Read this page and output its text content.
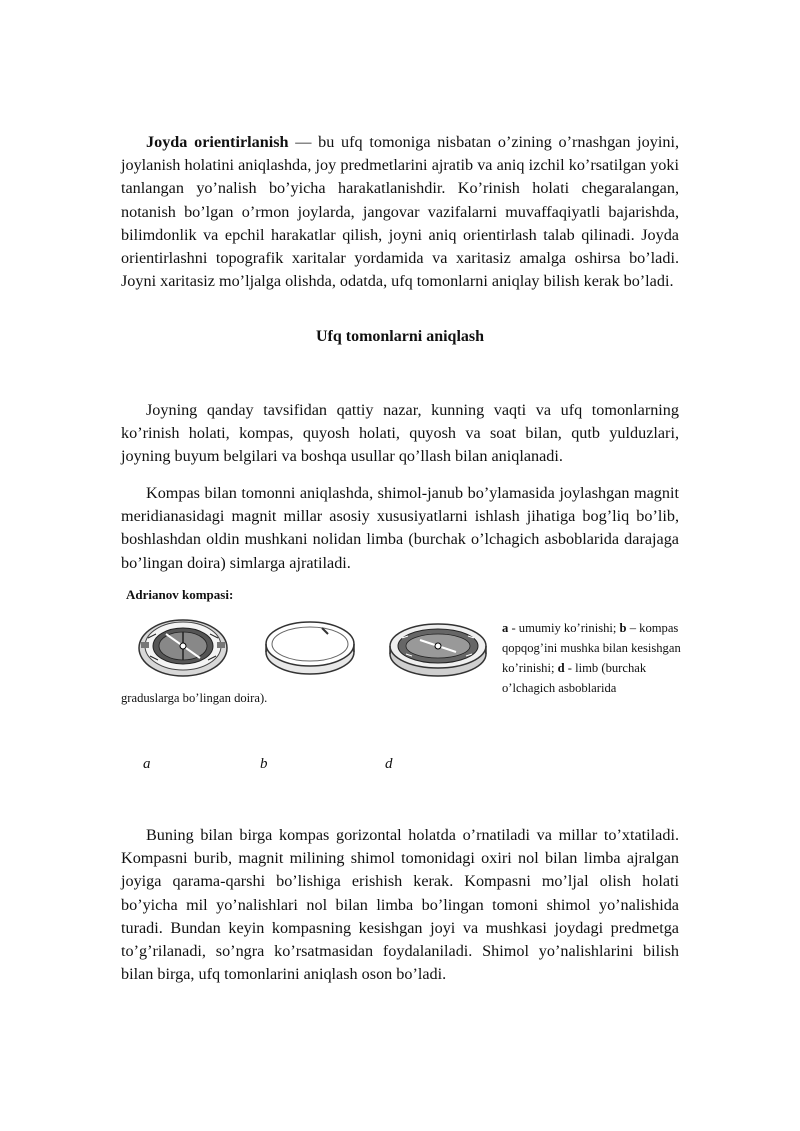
Joyda orientirlanish — bu ufq tomoniga nisbatan o’zining o’rnashgan joyini, joylanish holatini aniqlashda, joy predmetlarini ajratib va aniq izchil ko’rsatilgan yoki tanlangan yo’nalish bo’yicha harakatlanishdir. Ko’rinish holati chegaralangan, notanish bo’lgan o’rmon joylarda, jangovar vazifalarni muvaffaqiyatli bajarishda, bilimdonlik va epchil harakatlar qilish, joyni aniq orientirlash talab qilinadi. Joyda orientirlashni topografik xaritalar yordamida va xaritasiz amalga oshirsa bo’ladi. Joyni xaritasiz mo’ljalga olishda, odatda, ufq tomonlarni aniqlay bilish kerak bo’ladi.

Ufq tomonlarni aniqlash

Joyning qanday tavsifidan qattiy nazar, kunning vaqti va ufq tomonlarning ko’rinish holati, kompas, quyosh holati, quyosh va soat bilan, qutb yulduzlari, joyning buyum belgilari va boshqa usullar qo’llash bilan aniqlanadi.

Kompas bilan tomonni aniqlashda, shimol-janub bo’ylamasida joylashgan magnit meridianasidagi magnit millar asosiy xususiyatlarni ishlash jihatiga bog’liq bo’lib, boshlashdan oldin mushkani nolidan limba (burchak o’lchagich asboblarida darajaga bo’lingan doira) simlarga ajratiladi.

Adrianov kompasi:

a - umumiy ko’rinishi; b – kompas qopqog’ini mushka bilan kesishgan ko’rinishi; d - limb (burchak o’lchagich asboblarida

graduslarga bo’lingan doira).

a	b	d

Buning bilan birga kompas gorizontal holatda o’rnatiladi va millar to’xtatiladi. Kompasni burib, magnit milining shimol tomonidagi oxiri nol bilan limba ajralgan joyiga qarama-qarshi bo’lishiga erishish kerak. Kompasni mo’ljal olish holati bo’yicha mil yo’nalishlari nol bilan limba bo’lingan tomoni shimol yo’nalishida turadi. Bundan keyin kompasning kesishgan joyi va mushkasi joydagi predmetga to’g’rilanadi, so’ngra ko’rsatmasidan foydalaniladi. Shimol yo’nalishlarini bilish bilan birga, ufq tomonlarini aniqlash oson bo’ladi.
